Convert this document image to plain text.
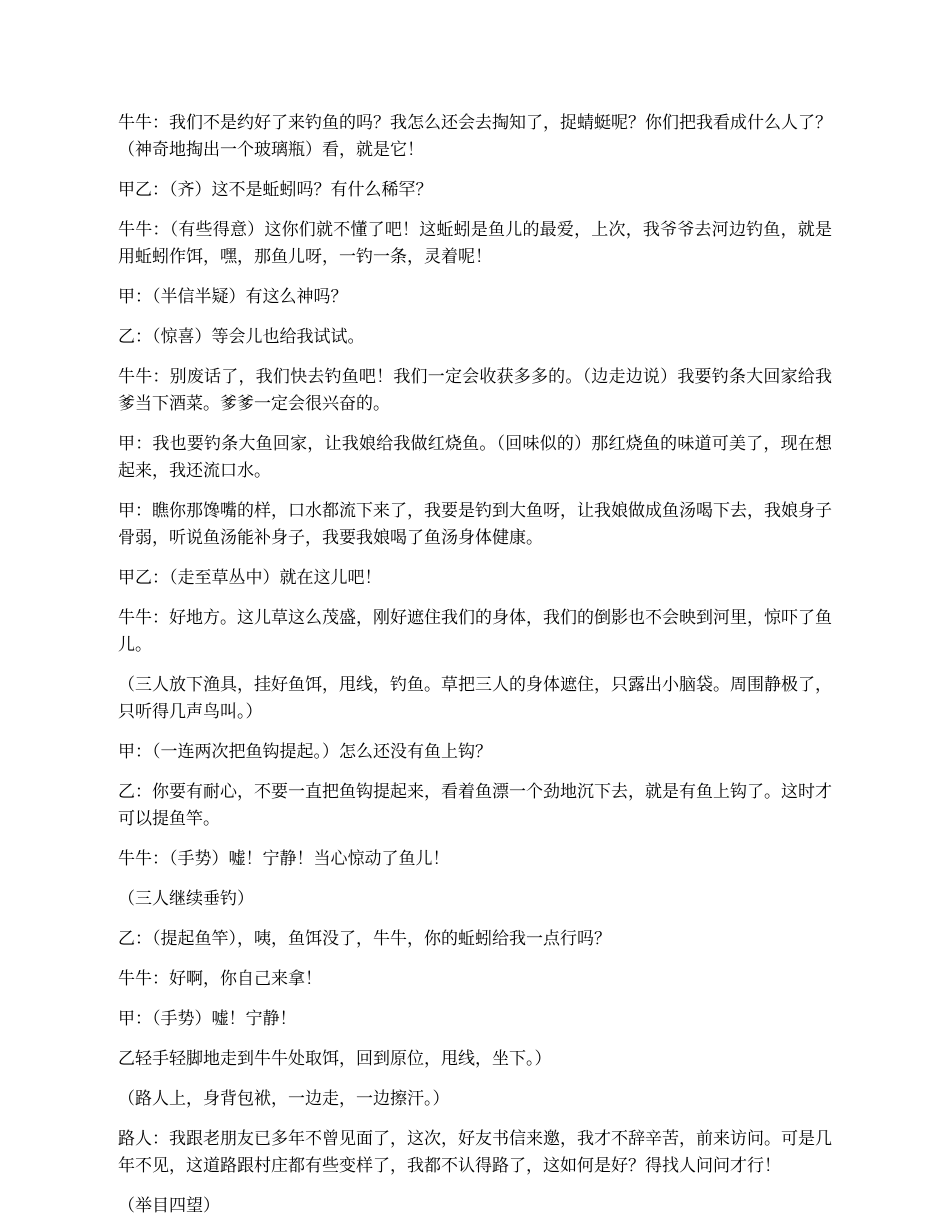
牛牛：我们不是约好了来钓鱼的吗？我怎么还会去掏知了，捉蜻蜓呢？你们把我看成什么人了？（神奇地掏出一个玻璃瓶）看，就是它！

甲乙：（齐）这不是蚯蚓吗？有什么稀罕？

牛牛：（有些得意）这你们就不懂了吧！这蚯蚓是鱼儿的最爱，上次，我爷爷去河边钓鱼，就是用蚯蚓作饵，嘿，那鱼儿呀，一钓一条，灵着呢！

甲：（半信半疑）有这么神吗？

乙：（惊喜）等会儿也给我试试。

牛牛：别废话了，我们快去钓鱼吧！我们一定会收获多多的。（边走边说）我要钓条大回家给我爹当下酒菜。爹爹一定会很兴奋的。

甲：我也要钓条大鱼回家，让我娘给我做红烧鱼。（回味似的）那红烧鱼的味道可美了，现在想起来，我还流口水。

甲：瞧你那馋嘴的样，口水都流下来了，我要是钓到大鱼呀，让我娘做成鱼汤喝下去，我娘身子骨弱，听说鱼汤能补身子，我要我娘喝了鱼汤身体健康。

甲乙：（走至草丛中）就在这儿吧！

牛牛：好地方。这儿草这么茂盛，刚好遮住我们的身体，我们的倒影也不会映到河里，惊吓了鱼儿。

（三人放下渔具，挂好鱼饵，甩线，钓鱼。草把三人的身体遮住，只露出小脑袋。周围静极了，只听得几声鸟叫。）

甲：（一连两次把鱼钩提起。）怎么还没有鱼上钩？

乙：你要有耐心，不要一直把鱼钩提起来，看着鱼漂一个劲地沉下去，就是有鱼上钩了。这时才可以提鱼竿。

牛牛：（手势）嘘！宁静！当心惊动了鱼儿！

（三人继续垂钓）

乙：（提起鱼竿），咦，鱼饵没了，牛牛，你的蚯蚓给我一点行吗？

牛牛：好啊，你自己来拿！

甲：（手势）嘘！宁静！

乙轻手轻脚地走到牛牛处取饵，回到原位，甩线，坐下。）

（路人上，身背包袱，一边走，一边擦汗。）

路人：我跟老朋友已多年不曾见面了，这次，好友书信来邀，我才不辞辛苦，前来访问。可是几年不见，这道路跟村庄都有些变样了，我都不认得路了，这如何是好？得找人问问才行！

（举目四望）
